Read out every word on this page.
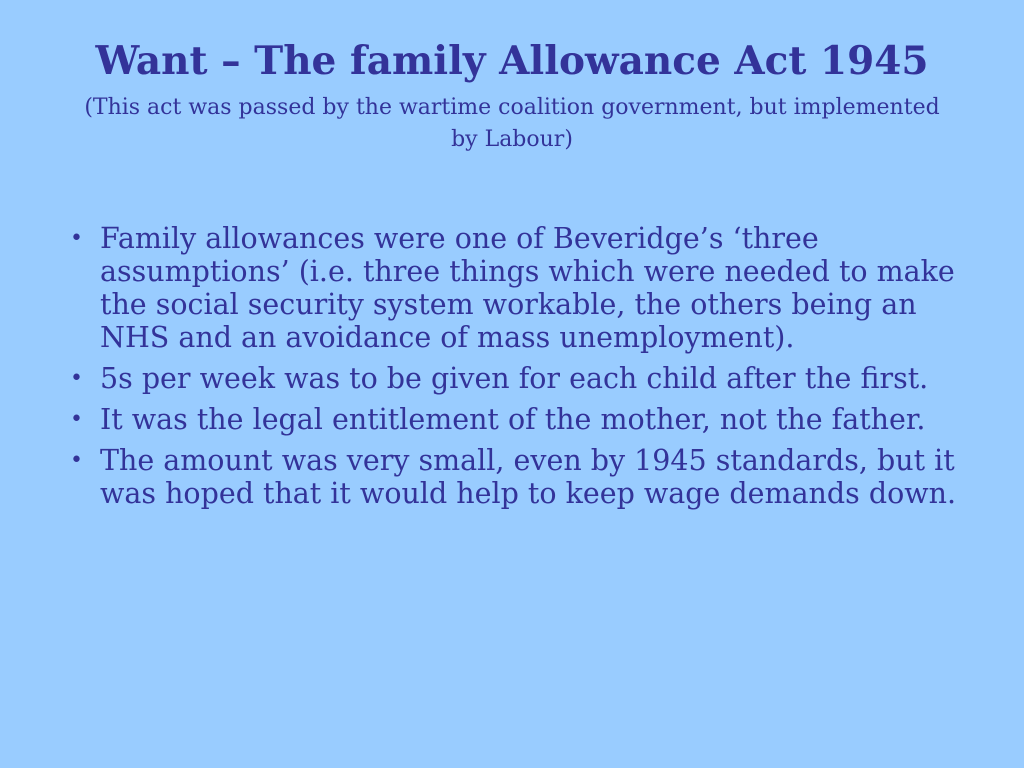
Want – The family Allowance Act 1945
(This act was passed by the wartime coalition government, but implemented by Labour)
• Family allowances were one of Beveridge’s ‘three assumptions’ (i.e. three things which were needed to make the social security system workable, the others being an NHS and an avoidance of mass unemployment).
• 5s per week was to be given for each child after the first.
• It was the legal entitlement of the mother, not the father.
• The amount was very small, even by 1945 standards, but it was hoped that it would help to keep wage demands down.
